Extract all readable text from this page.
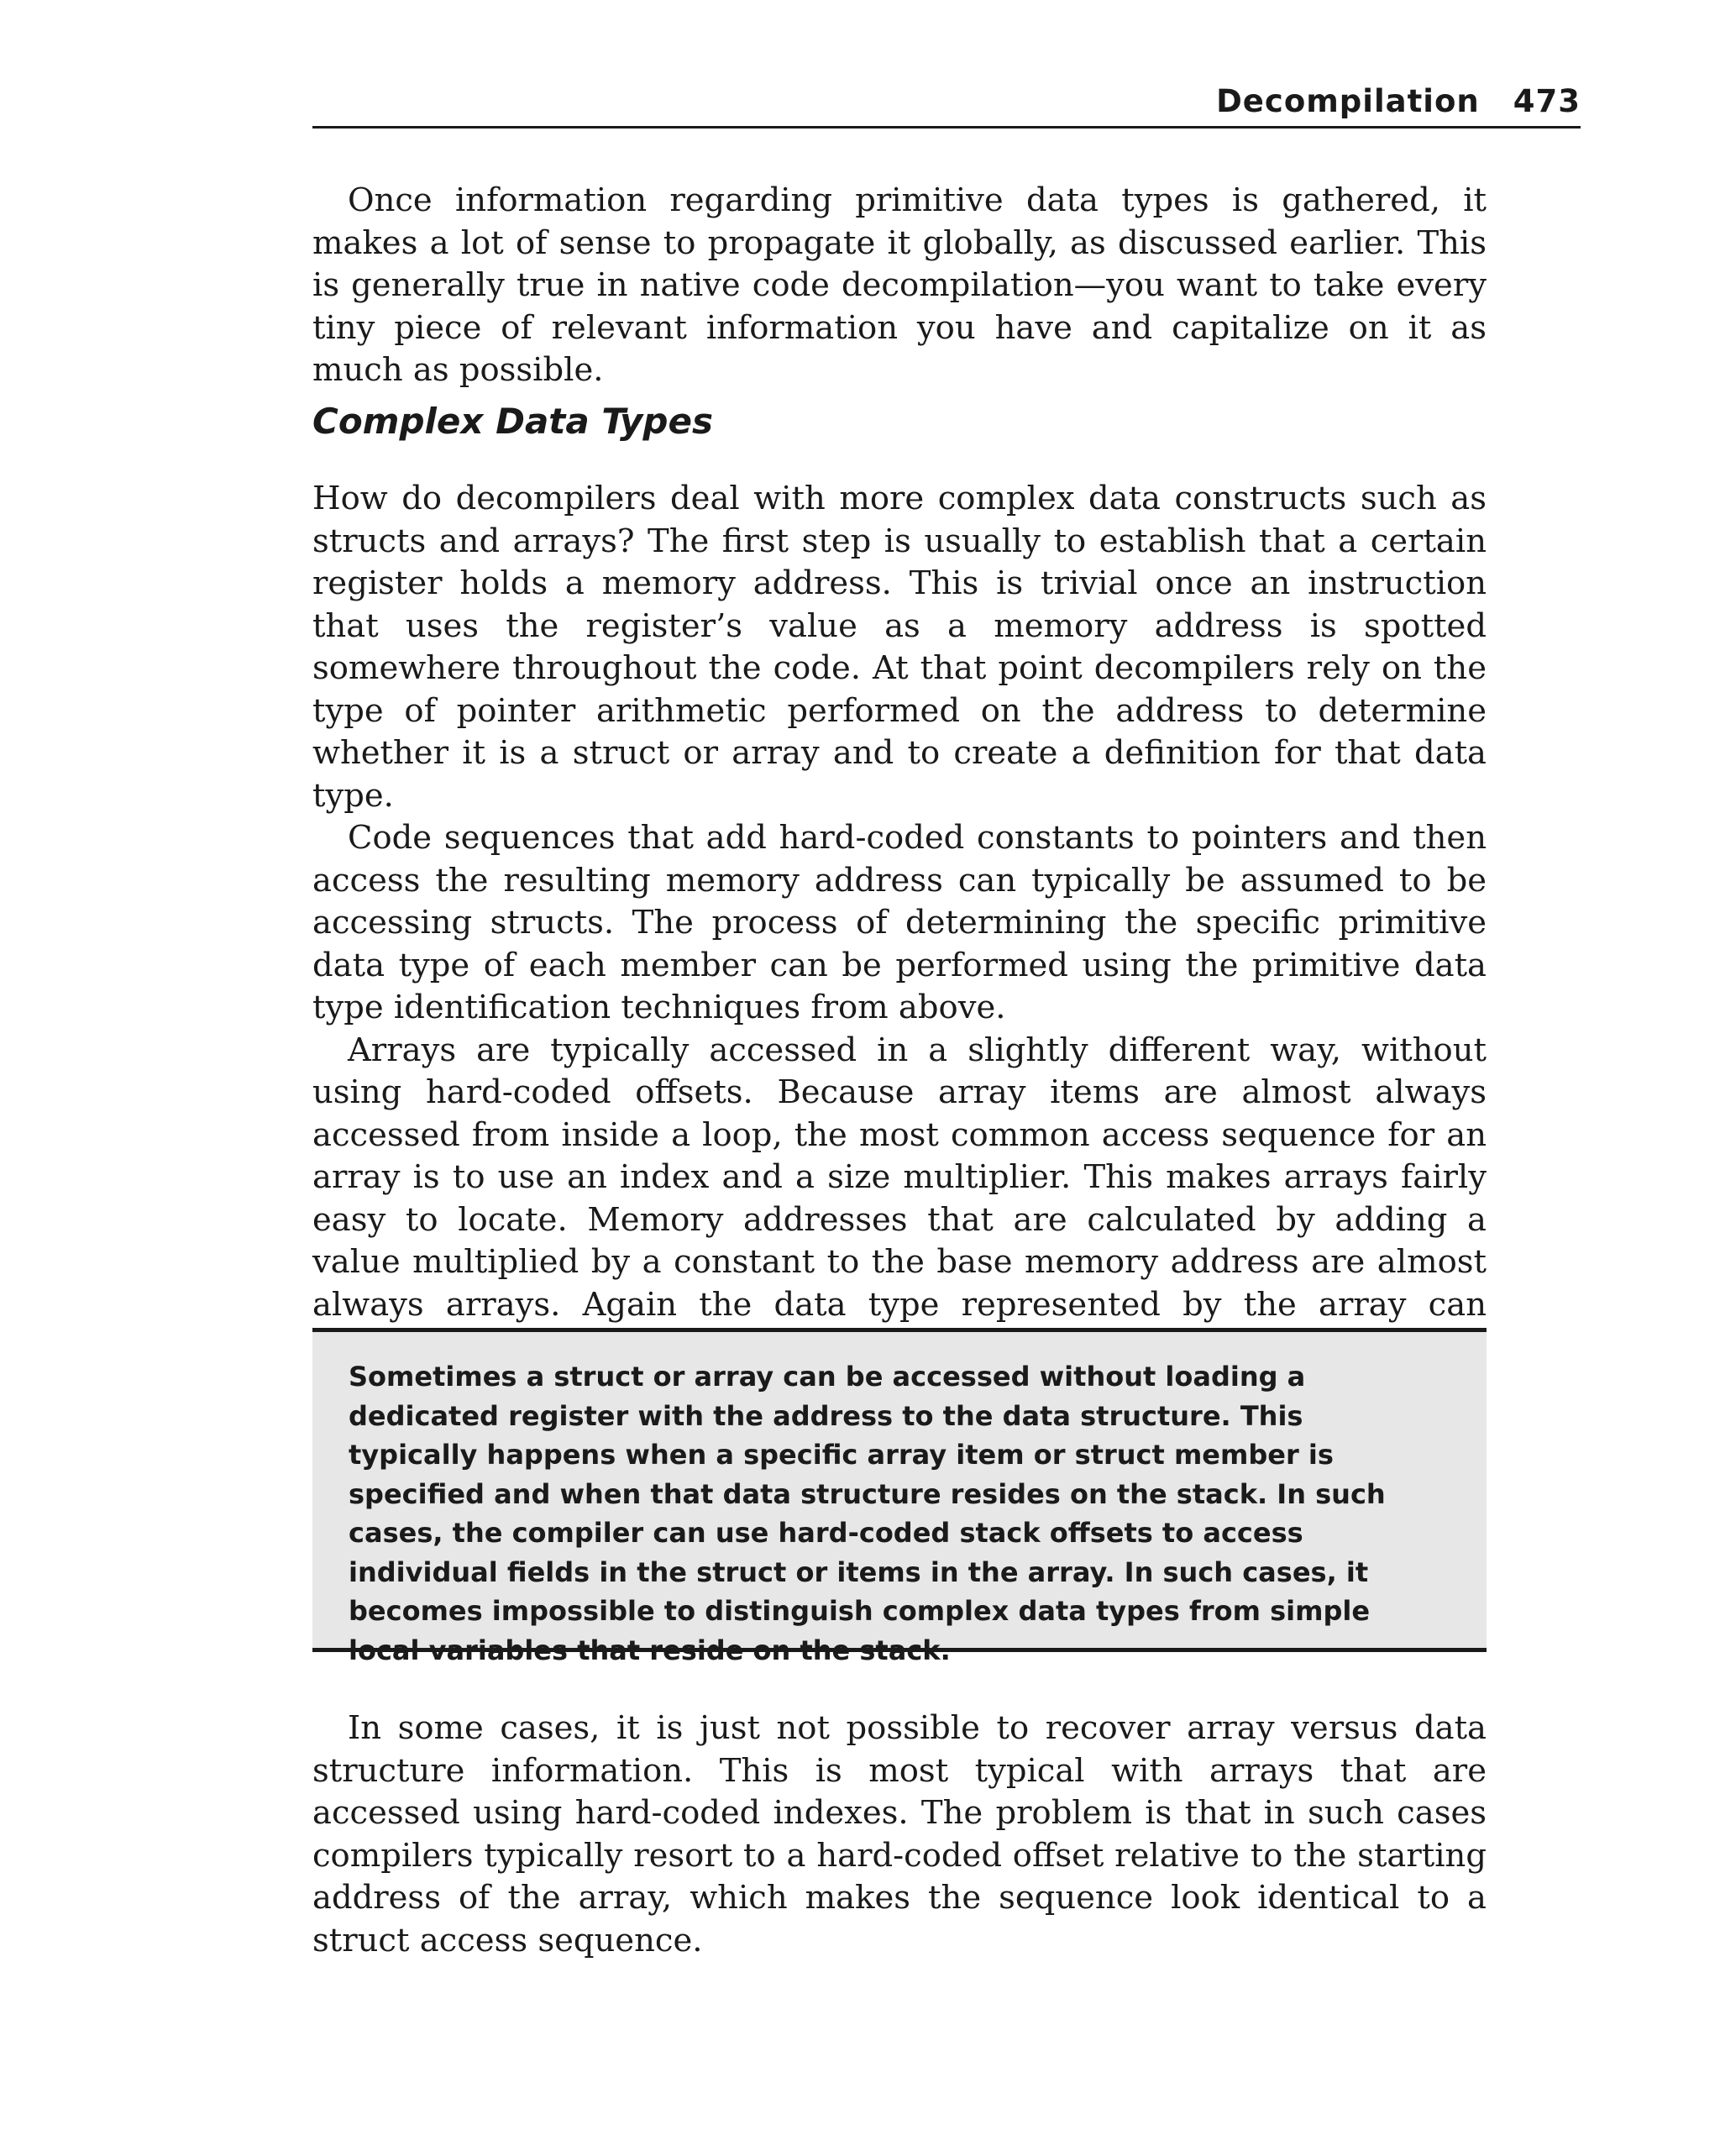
Decompilation 473

Once information regarding primitive data types is gathered, it makes a lot of sense to propagate it globally, as discussed earlier. This is generally true in native code decompilation—you want to take every tiny piece of relevant information you have and capitalize on it as much as possible.

Complex Data Types

How do decompilers deal with more complex data constructs such as structs and arrays? The first step is usually to establish that a certain register holds a memory address. This is trivial once an instruction that uses the register’s value as a memory address is spotted somewhere throughout the code. At that point decompilers rely on the type of pointer arithmetic performed on the address to determine whether it is a struct or array and to create a definition for that data type.

Code sequences that add hard-coded constants to pointers and then access the resulting memory address can typically be assumed to be accessing structs. The process of determining the specific primitive data type of each member can be performed using the primitive data type identification techniques from above.

Arrays are typically accessed in a slightly different way, without using hard-coded offsets. Because array items are almost always accessed from inside a loop, the most common access sequence for an array is to use an index and a size multiplier. This makes arrays fairly easy to locate. Memory addresses that are calculated by adding a value multiplied by a constant to the base memory address are almost always arrays. Again the data type represented by the array can

Sometimes a struct or array can be accessed without loading a dedicated register with the address to the data structure. This typically happens when a specific array item or struct member is specified and when that data structure resides on the stack. In such cases, the compiler can use hard-coded stack offsets to access individual fields in the struct or items in the array. In such cases, it becomes impossible to distinguish complex data types from simple local variables that reside on the stack.

In some cases, it is just not possible to recover array versus data structure information. This is most typical with arrays that are accessed using hard-coded indexes. The problem is that in such cases compilers typically resort to a hard-coded offset relative to the starting address of the array, which makes the sequence look identical to a struct access sequence.
